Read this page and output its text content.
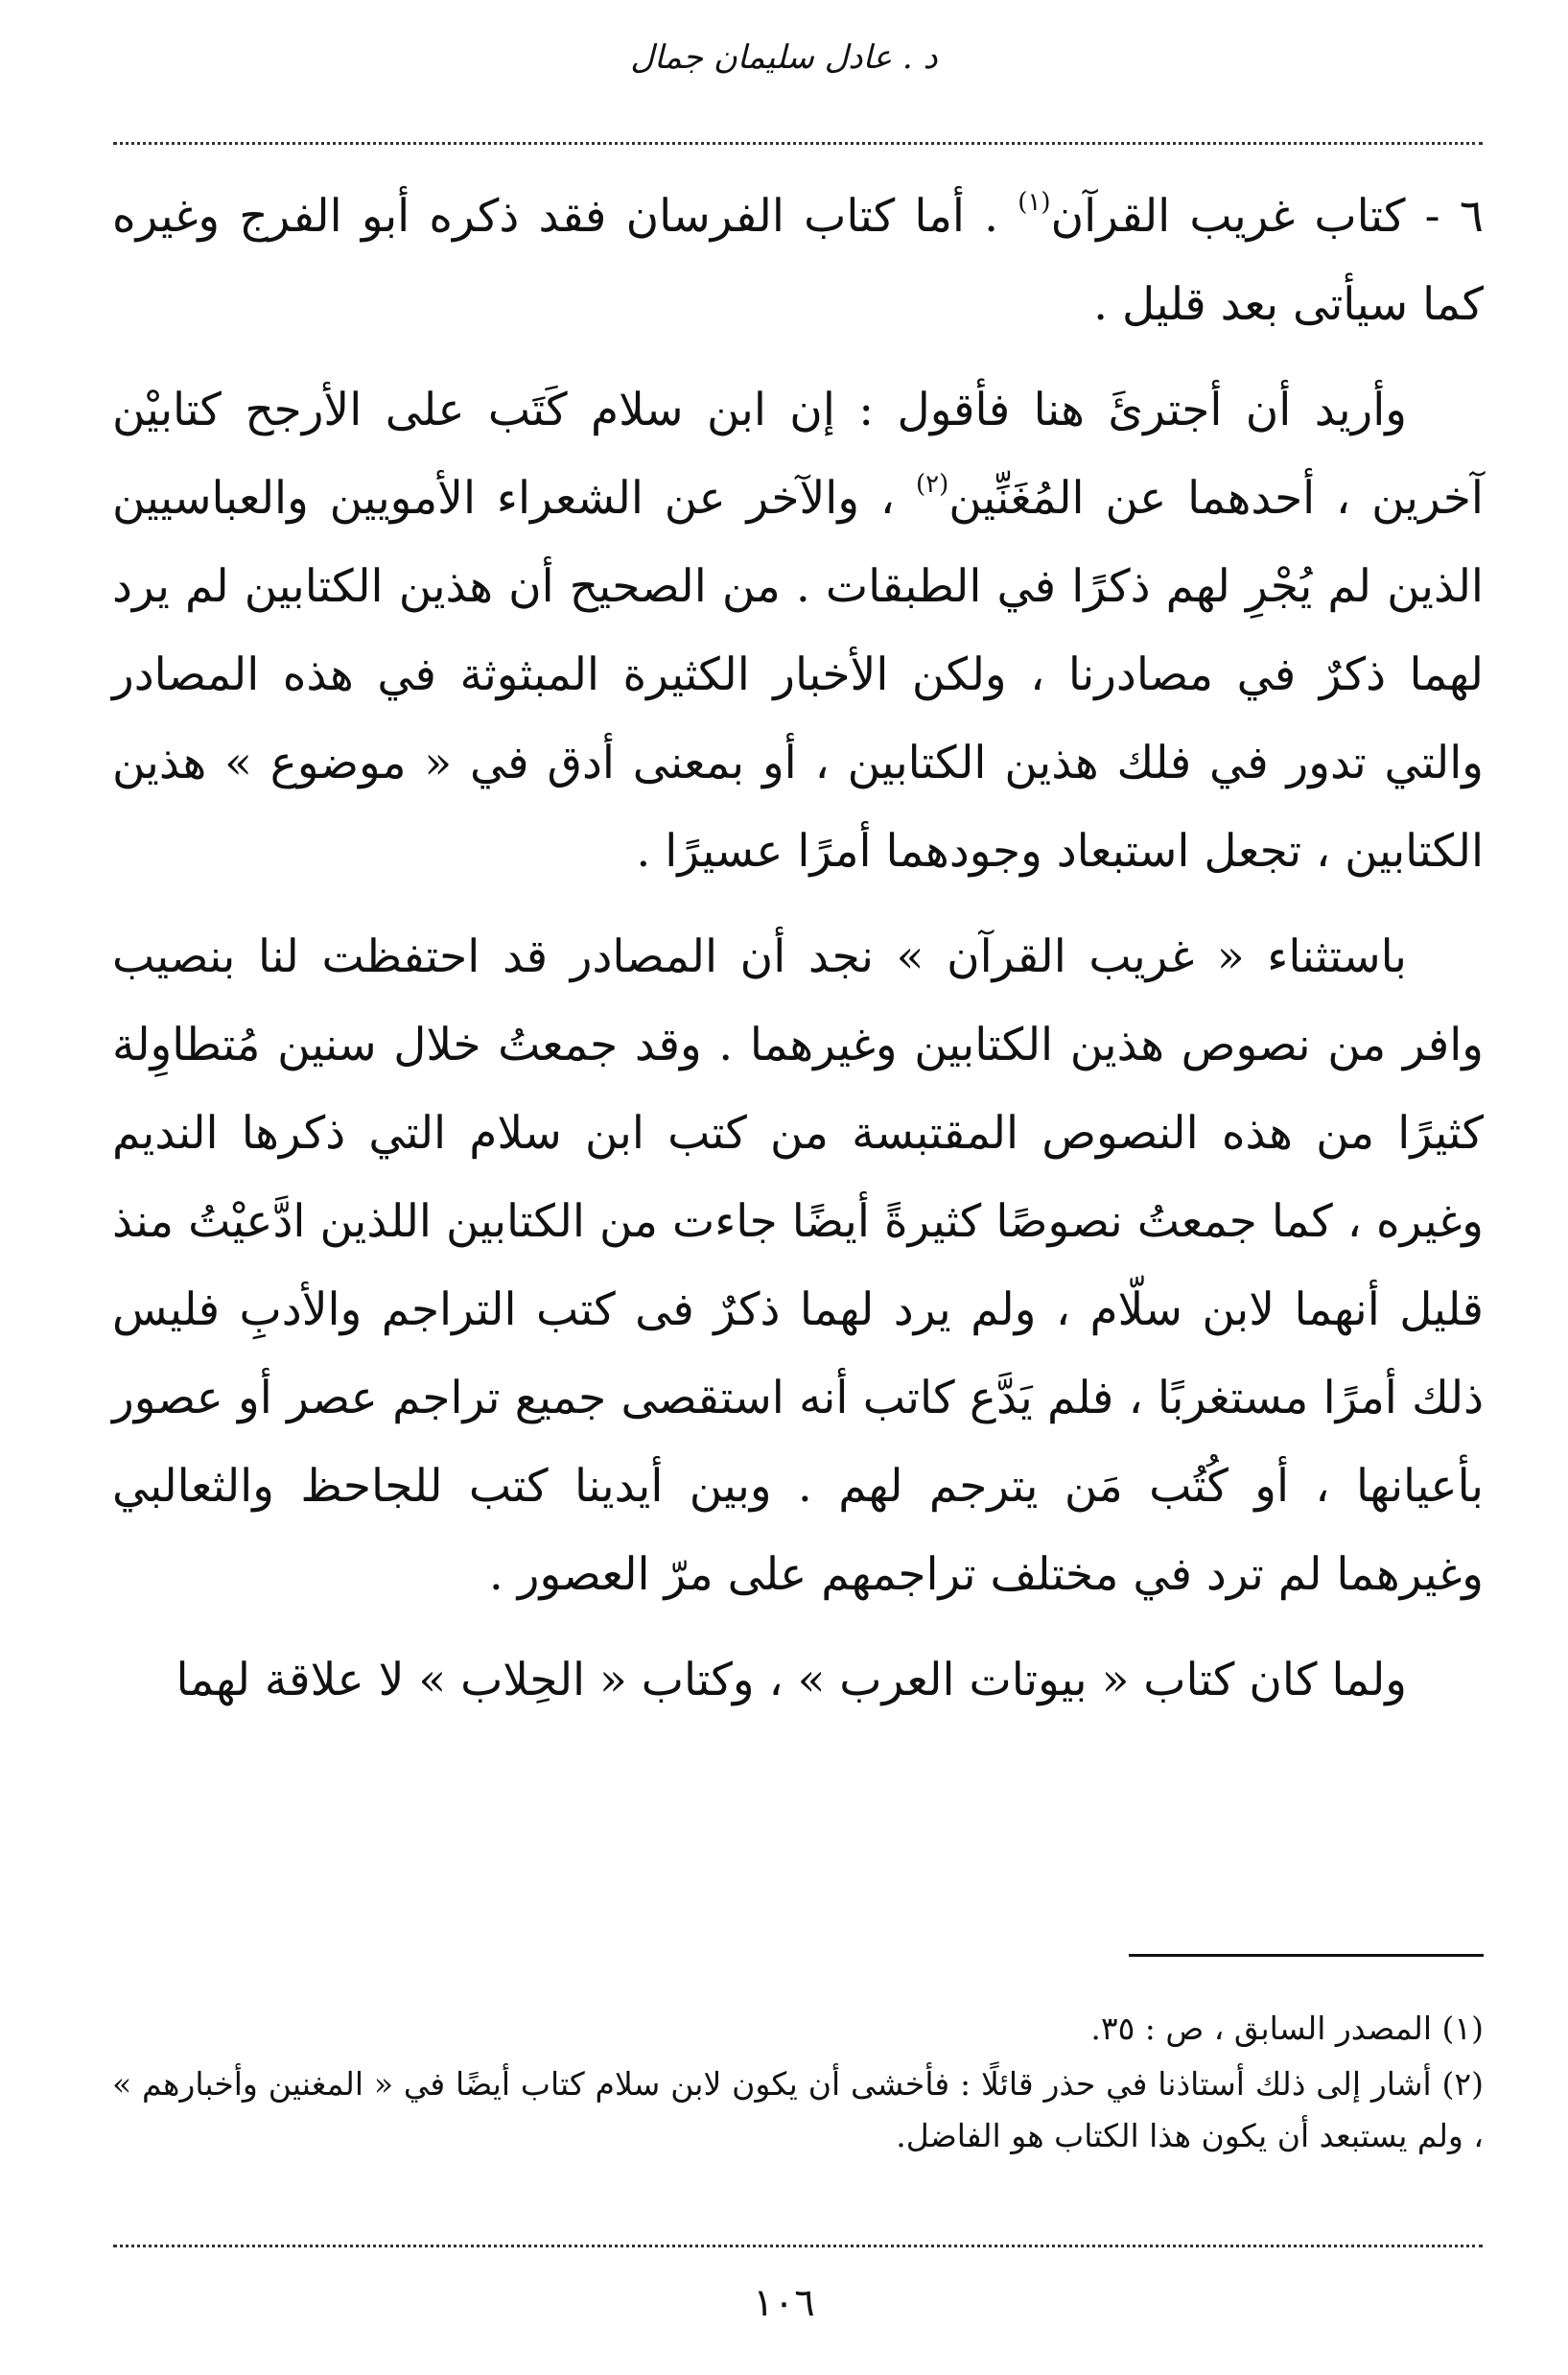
د . عادل سليمان جمال

٦ - كتاب غريب القرآن$^{(١)}$ . أما كتاب الفرسان فقد ذكره أبو الفرج وغيره كما سيأتى بعد قليل .

وأريد أن أجترئَ هنا فأقول : إن ابن سلام كَتَب على الأرجح كتابيْن آخرين ، أحدهما عن المُغَنِّين$^{(٢)}$ ، والآخر عن الشعراء الأمويين والعباسيين الذين لم يُجْرِ لهم ذكرًا في الطبقات . من الصحيح أن هذين الكتابين لم يرد لهما ذكرٌ في مصادرنا ، ولكن الأخبار الكثيرة المبثوثة في هذه المصادر والتي تدور في فلك هذين الكتابين ، أو بمعنى أدق في « موضوع » هذين الكتابين ، تجعل استبعاد وجودهما أمرًا عسيرًا .

باستثناء « غريب القرآن » نجد أن المصادر قد احتفظت لنا بنصيب وافر من نصوص هذين الكتابين وغيرهما . وقد جمعتُ خلال سنين مُتطاوِلة كثيرًا من هذه النصوص المقتبسة من كتب ابن سلام التي ذكرها النديم وغيره ، كما جمعتُ نصوصًا كثيرةً أيضًا جاءت من الكتابين اللذين ادَّعيْتُ منذ قليل أنهما لابن سلّام ، ولم يرد لهما ذكرٌ فى كتب التراجم والأدبِ فليس ذلك أمرًا مستغربًا ، فلم يَدَّع كاتب أنه استقصى جميع تراجم عصر أو عصور بأعيانها ، أو كُتُب مَن يترجم لهم . وبين أيدينا كتب للجاحظ والثعالبي وغيرهما لم ترد في مختلف تراجمهم على مرّ العصور .

ولما كان كتاب « بيوتات العرب » ، وكتاب « الحِلاب » لا علاقة لهما

(١) المصدر السابق ، ص : ٣٥.

(٢) أشار إلى ذلك أستاذنا في حذر قائلًا : فأخشى أن يكون لابن سلام كتاب أيضًا في « المغنين وأخبارهم » ، ولم يستبعد أن يكون هذا الكتاب هو الفاضل.

١٠٦
